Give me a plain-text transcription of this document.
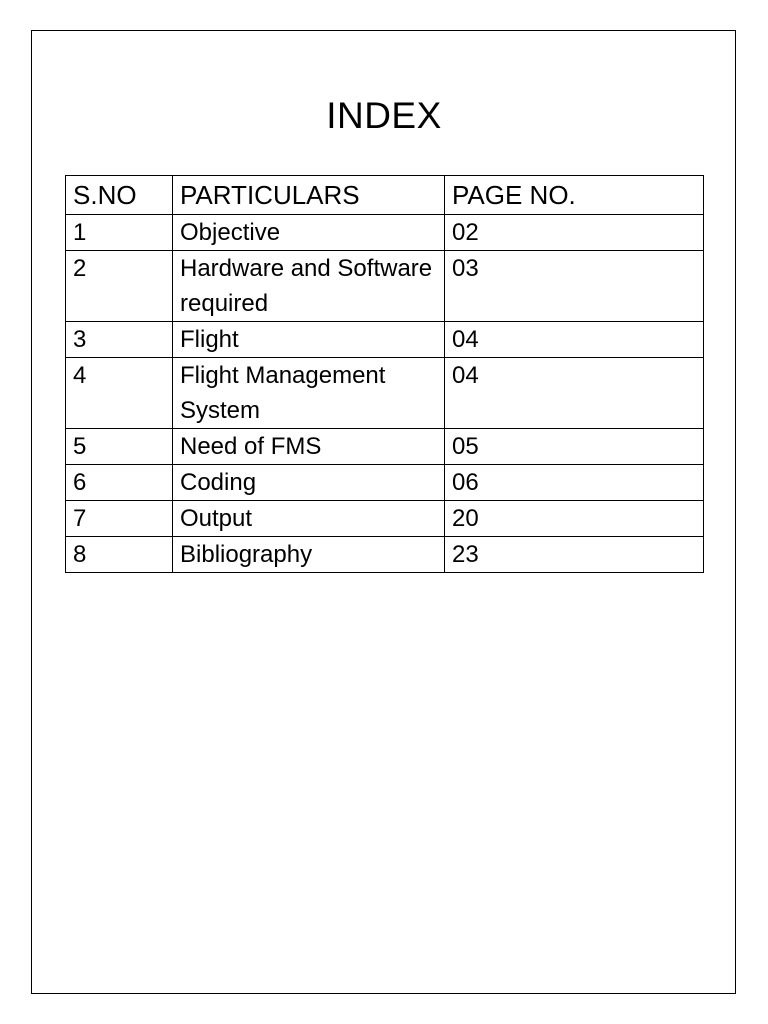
INDEX
S.NO	PARTICULARS	PAGE NO.
1	Objective	02
2	Hardware and Software required	03
3	Flight	04
4	Flight Management System	04
5	Need of FMS	05
6	Coding	06
7	Output	20
8	Bibliography	23
